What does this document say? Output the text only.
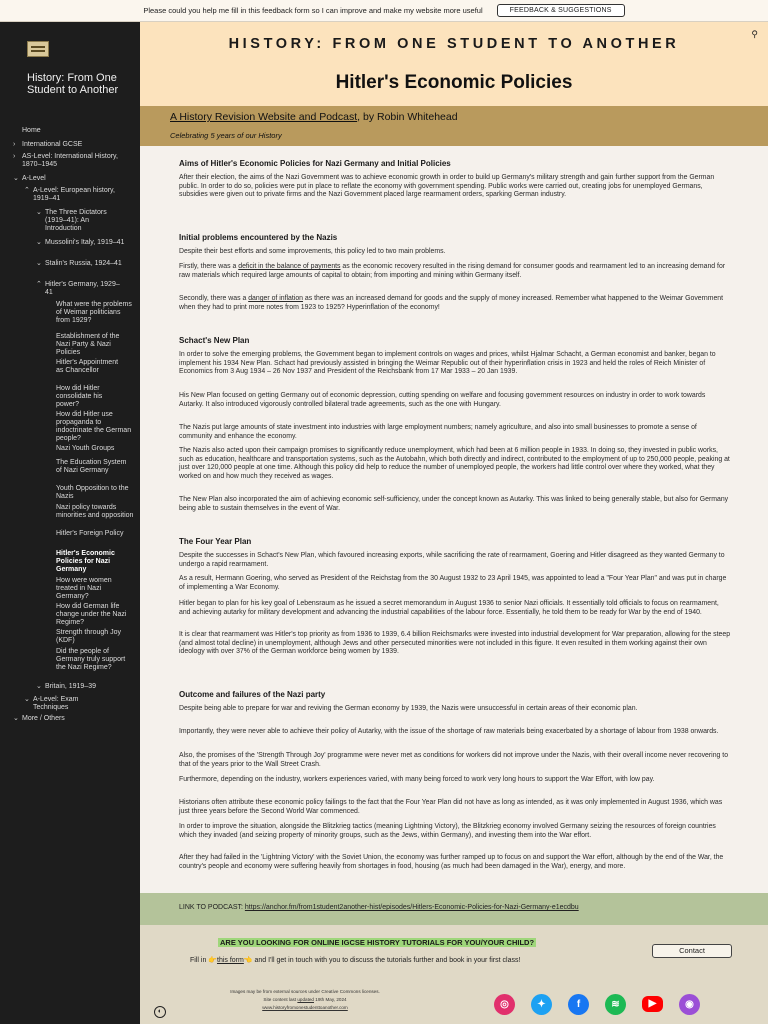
Please could you help me fill in this feedback form so I can improve and make my website more useful	FEEDBACK & SUGGESTIONS
History: From One Student to Another
Home
› International GCSE
› AS-Level: International History, 1870–1945
⌄ A-Level
⌃ A-Level: European history, 1919–41
⌄ The Three Dictators (1919–41): An Introduction
⌄ Mussolini's Italy, 1919–41
⌄ Stalin's Russia, 1924–41
⌃ Hitler's Germany, 1929–41
What were the problems of Weimar politicians from 1929?
Establishment of the Nazi Party & Nazi Policies
Hitler's Appointment as Chancellor
How did Hitler consolidate his power?
How did Hitler use propaganda to indoctrinate the German people?
Nazi Youth Groups
The Education System of Nazi Germany
Youth Opposition to the Nazis
Nazi policy towards minorities and opposition
Hitler's Foreign Policy
Hitler's Economic Policies for Nazi Germany
How were women treated in Nazi Germany?
How did German life change under the Nazi Regime?
Strength through Joy (KDF)
Did the people of Germany truly support the Nazi Regime?
⌄ Britain, 1919–39
⌄ A-Level: Exam Techniques
⌄ More / Others
HISTORY: FROM ONE STUDENT TO ANOTHER
⚲
Hitler's Economic Policies
A History Revision Website and Podcast, by Robin Whitehead
Celebrating 5 years of our History
Aims of Hitler's Economic Policies for Nazi Germany and Initial Policies

After their election, the aims of the Nazi Government was to achieve economic growth in order to build up Germany's military strength and gain further support from the German public. In order to do so, policies were put in place to reflate the economy with government spending. Public works were carried out, creating jobs for unemployed Germans, subsidies were given out to private firms and the Nazi Government placed large rearmament orders, sparking German industry.

Initial problems encountered by the Nazis

Despite their best efforts and some improvements, this policy led to two main problems.

Firstly, there was a deficit in the balance of payments as the economic recovery resulted in the rising demand for consumer goods and rearmament led to an increasing demand for raw materials which required large amounts of capital to obtain; from importing and mining within Germany itself.

Secondly, there was a danger of inflation as there was an increased demand for goods and the supply of money increased. Remember what happened to the Weimar Government when they had to print more notes from 1923 to 1925? Hyperinflation of the economy!

Schact's New Plan

In order to solve the emerging problems, the Government began to implement controls on wages and prices, whilst Hjalmar Schacht, a German economist and banker, began to implement his 1934 New Plan. Schact had previously assisted in bringing the Weimar Republic out of their hyperinflation crisis in 1923 and held the roles of Reich Minister of Economics from 3 Aug 1934 – 26 Nov 1937 and President of the Reichsbank from 17 Mar 1933 – 20 Jan 1939.

His New Plan focused on getting Germany out of economic depression, cutting spending on welfare and focusing government resources on industry in order to work towards Autarky. It also introduced vigorously controlled bilateral trade agreements, such as the one with Hungary.

The Nazis put large amounts of state investment into industries with large employment numbers; namely agriculture, and also into small businesses to promote a sense of community and enhance the economy.

The Nazis also acted upon their campaign promises to significantly reduce unemployment, which had been at 6 million people in 1933. In doing so, they invested in public works, such as education, healthcare and transportation systems, such as the Autobahn, which both directly and indirect, contributed to the employment of up to 250,000 people, peaking at just over 120,000 people at one time. Although this policy did help to reduce the number of unemployed people, the workers had little control over where they worked, what they worked on and how much they received as wages.

The New Plan also incorporated the aim of achieving economic self-sufficiency, under the concept known as Autarky. This was linked to being generally stable, but also for Germany being able to sustain themselves in the event of War.

The Four Year Plan

Despite the successes in Schact's New Plan, which favoured increasing exports, while sacrificing the rate of rearmament, Goering and Hitler disagreed as they wanted Germany to undergo a rapid rearmament.

As a result, Hermann Goering, who served as President of the Reichstag from the 30 August 1932 to 23 April 1945, was appointed to lead a "Four Year Plan" and was put in charge of implementing a War Economy.

Hitler began to plan for his key goal of Lebensraum as he issued a secret memorandum in August 1936 to senior Nazi officials. It essentially told officials to focus on rearmament, and achieving autarky for military development and advancing the industrial capabilities of the labour force. Essentially, he told them to be ready for War by the end of 1940.

It is clear that rearmament was Hitler's top priority as from 1936 to 1939, 6.4 billion Reichsmarks were invested into industrial development for War preparation, allowing for the steep (and almost total decline) in unemployment, although Jews and other persecuted minorities were not included in this figure. It even resulted in them working against their own ideology with over 37% of the German workforce being women by 1939.

Outcome and failures of the Nazi party

Despite being able to prepare for war and reviving the German economy by 1939, the Nazis were unsuccessful in certain areas of their economic plan.

Importantly, they were never able to achieve their policy of Autarky, with the issue of the shortage of raw materials being exacerbated by a shortage of labour from 1938 onwards.

Also, the promises of the 'Strength Through Joy' programme were never met as conditions for workers did not improve under the Nazis, with their overall income never recovering to that of the years prior to the Wall Street Crash.

Furthermore, depending on the industry, workers experiences varied, with many being forced to work very long hours to support the War Effort, with low pay.

Historians often attribute these economic policy failings to the fact that the Four Year Plan did not have as long as intended, as it was only implemented in August 1936, which was just three years before the Second World War commenced.

In order to improve the situation, alongside the Blitzkrieg tactics (meaning Lightning Victory), the Blitzkrieg economy involved Germany seizing the resources of foreign countries which they invaded (and seizing property of minority groups, such as the Jews, within Germany), and investing them into the War effort.

After they had failed in the 'Lightning Victory' with the Soviet Union, the economy was further ramped up to focus on and support the War effort, although by the end of the War, the country's people and economy were suffering heavily from shortages in food, housing (as much had been damaged in the War), energy, and more.

LINK TO PODCAST: https://anchor.fm/from1student2another-hist/episodes/Hitlers-Economic-Policies-for-Nazi-Germany-e1ecdbu
ARE YOU LOOKING FOR ONLINE IGCSE HISTORY TUTORIALS FOR YOU/YOUR CHILD?
Fill in 👉this form👈 and I'll get in touch with you to discuss the tutorials further and book in your first class!
Contact
Images may be from external sources under Creative Commons licenses.
Site content last updated 19th May, 2024
www.historyfromonestudenttoanother.com	◎	✦	f	≋	▶	◉
◐
